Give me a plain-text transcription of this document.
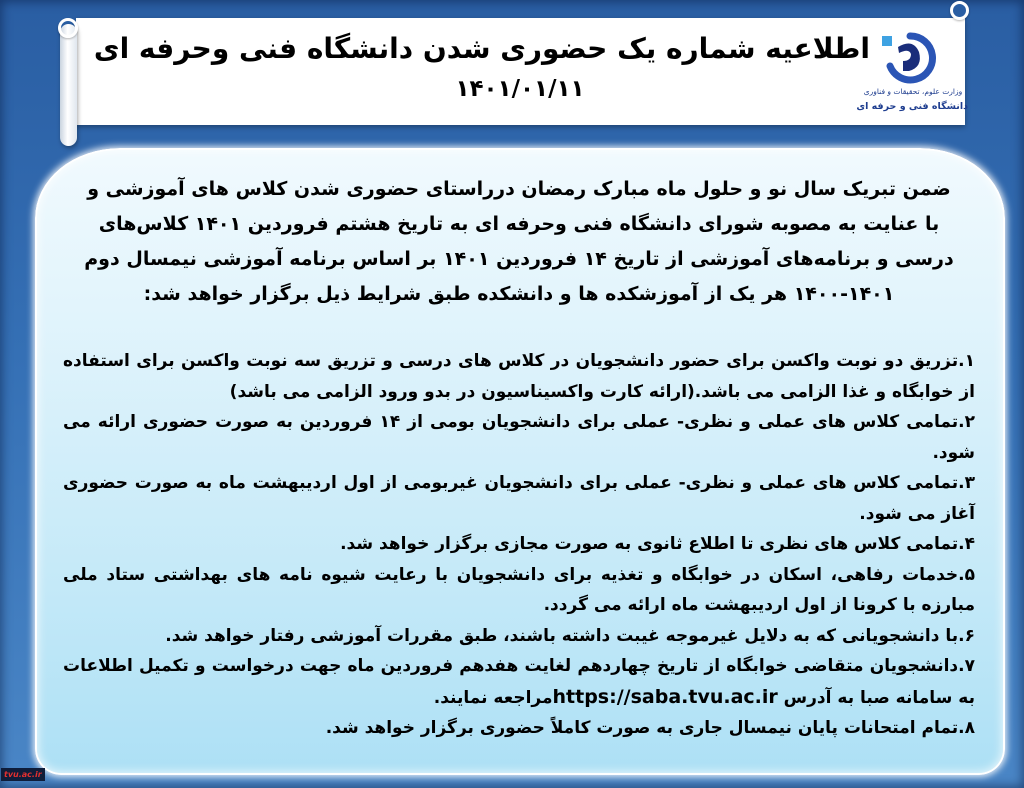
اطلاعیه شماره یک حضوری شدن دانشگاه فنی وحرفه ای
۱۴۰۱/۰۱/۱۱	وزارت علوم، تحقیقات و فناوری
دانشگاه فنی و حرفه ای
ضمن تبریک سال نو و حلول ماه مبارک رمضان درراستای حضوری شدن کلاس های آموزشی و
با عنایت به مصوبه شورای دانشگاه فنی وحرفه ای به تاریخ هشتم فروردین ۱۴۰۱ کلاس‌های
درسی و برنامه‌های آموزشی از تاریخ ۱۴ فروردین ۱۴۰۱ بر اساس برنامه آموزشی نیمسال دوم
۱۴۰۰-۱۴۰۱ هر یک از آموزشکده ها و دانشکده طبق شرایط ذیل برگزار خواهد شد:

۱.تزریق دو نوبت واکسن برای حضور دانشجویان در کلاس های درسی و تزریق سه نوبت واکسن برای استفاده از خوابگاه و غذا الزامی می باشد.(ارائه کارت واکسیناسیون در بدو ورود الزامی می باشد)

۲.تمامی کلاس های عملی و نظری- عملی برای دانشجویان بومی از ۱۴ فروردین به صورت حضوری ارائه می شود.

۳.تمامی کلاس های عملی و نظری- عملی برای دانشجویان غیربومی از اول اردیبهشت ماه به صورت حضوری آغاز می شود.

۴.تمامی کلاس های نظری تا اطلاع ثانوی به صورت مجازی برگزار خواهد شد.

۵.خدمات رفاهی، اسکان در خوابگاه و تغذیه برای دانشجویان با رعایت شیوه نامه های بهداشتی ستاد ملی مبارزه با کرونا از اول اردیبهشت ماه ارائه می گردد.

۶.با دانشجویانی که به دلایل غیرموجه غیبت داشته باشند، طبق مقررات آموزشی رفتار خواهد شد.

۷.دانشجویان متقاضی خوابگاه از تاریخ چهاردهم لغایت هفدهم فروردین ماه جهت درخواست و تکمیل اطلاعات به سامانه صبا به آدرس https://saba.tvu.ac.irمراجعه نمایند.

۸.تمام امتحانات پایان نیمسال جاری به صورت کاملاً حضوری برگزار خواهد شد.

tvu.ac.ir
